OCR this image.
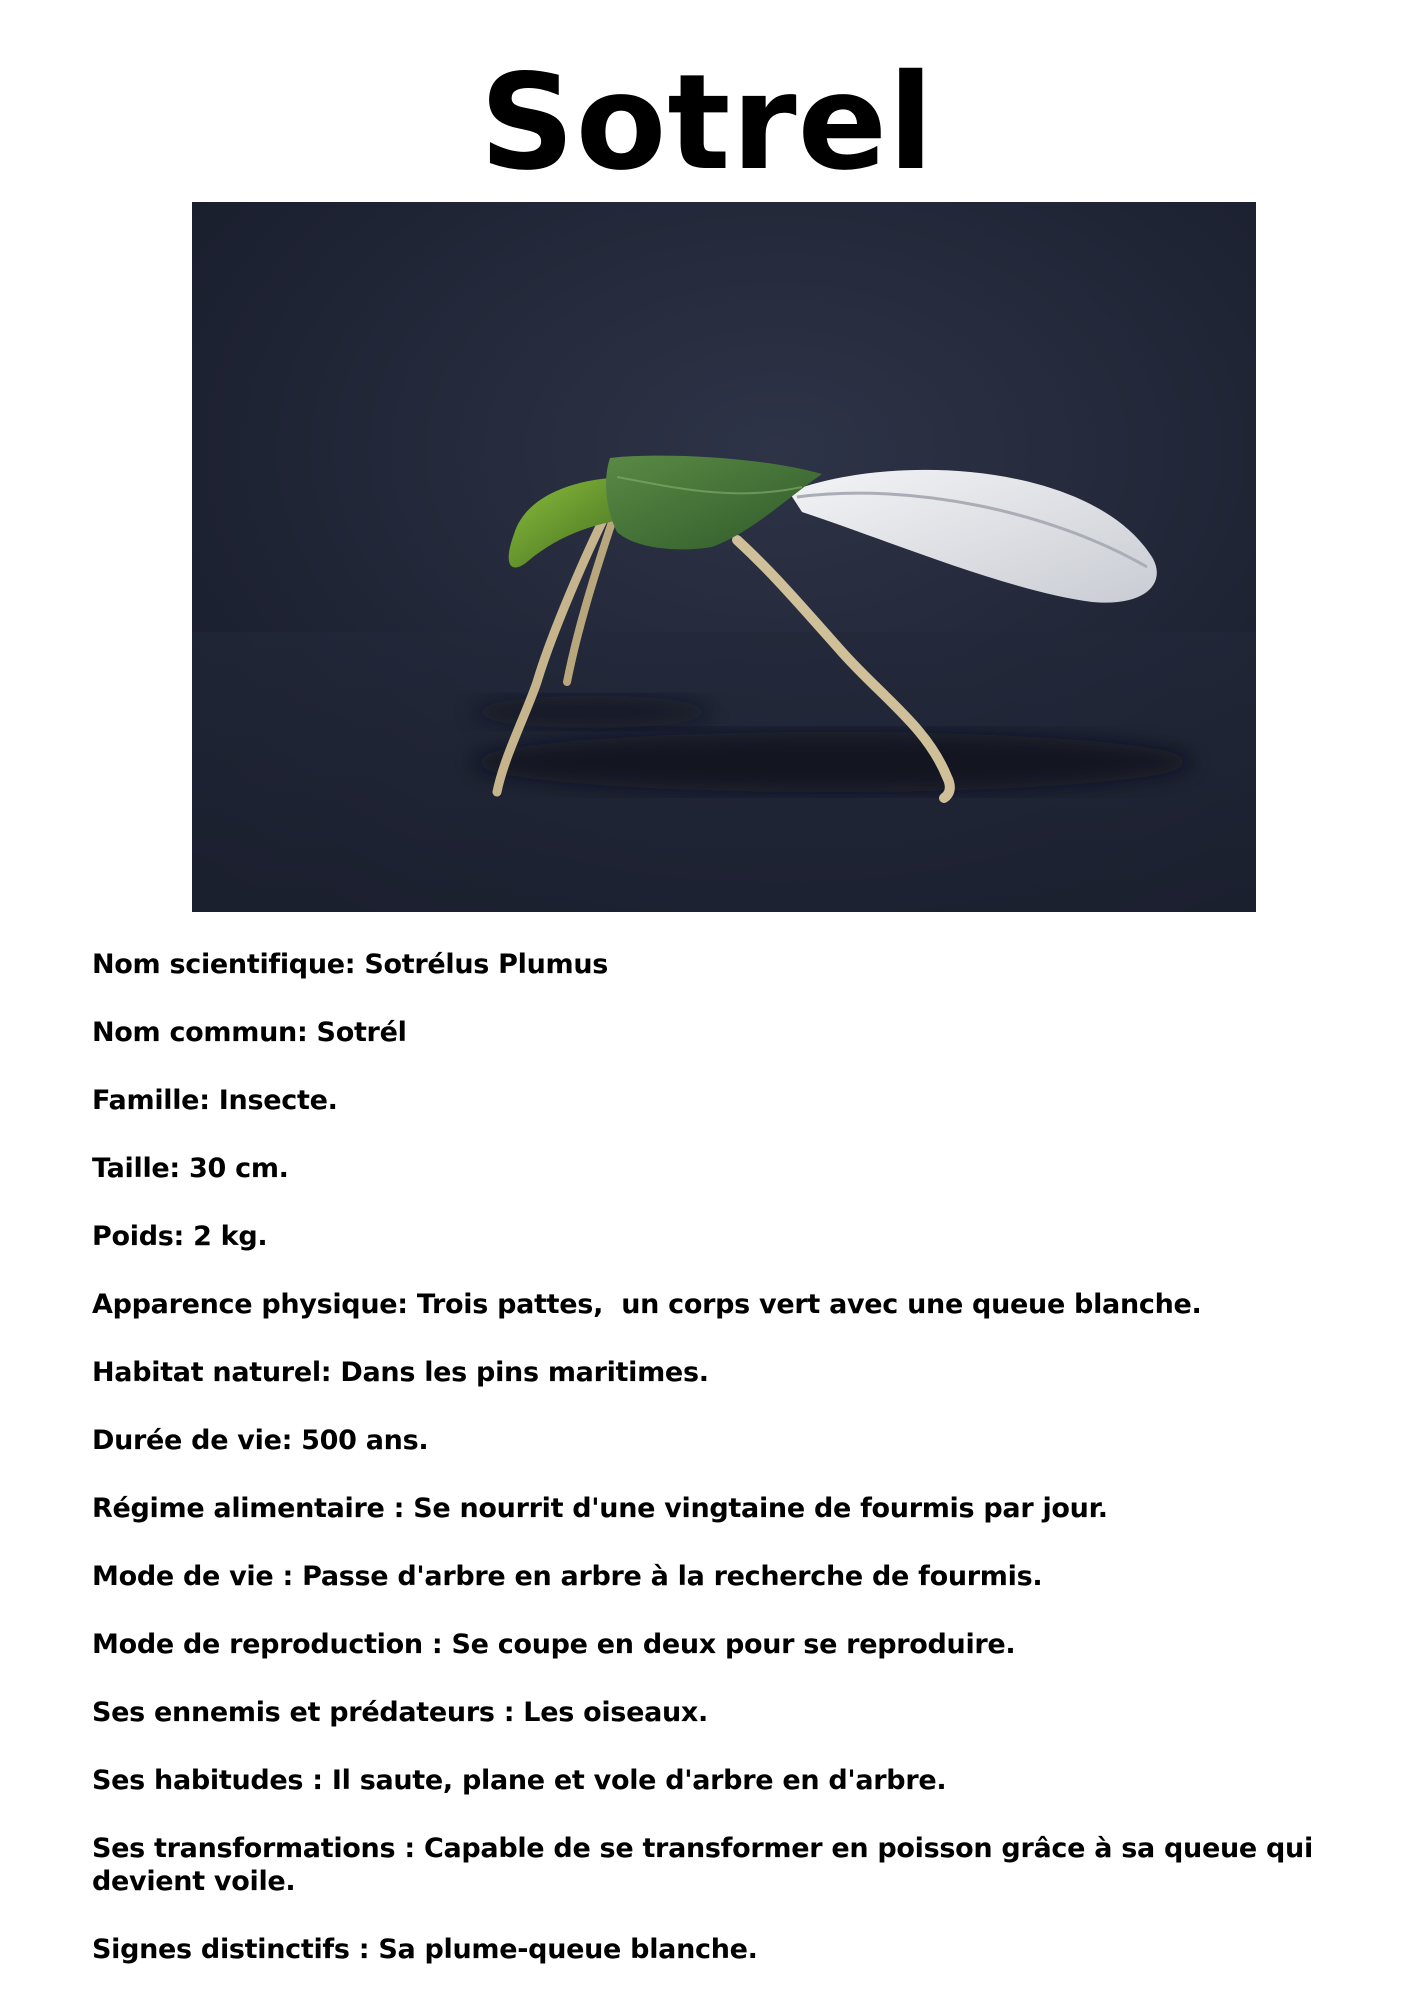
Sotrel
Nom scientifique: Sotrélus Plumus
Nom commun: Sotrél
Famille: Insecte.
Taille: 30 cm.
Poids: 2 kg.
Apparence physique: Trois pattes,  un corps vert avec une queue blanche.
Habitat naturel: Dans les pins maritimes.
Durée de vie: 500 ans.
Régime alimentaire : Se nourrit d'une vingtaine de fourmis par jour.
Mode de vie : Passe d'arbre en arbre à la recherche de fourmis.
Mode de reproduction : Se coupe en deux pour se reproduire.
Ses ennemis et prédateurs : Les oiseaux.
Ses habitudes : Il saute, plane et vole d'arbre en d'arbre.
Ses transformations : Capable de se transformer en poisson grâce à sa queue qui devient voile.
Signes distinctifs : Sa plume-queue blanche.
